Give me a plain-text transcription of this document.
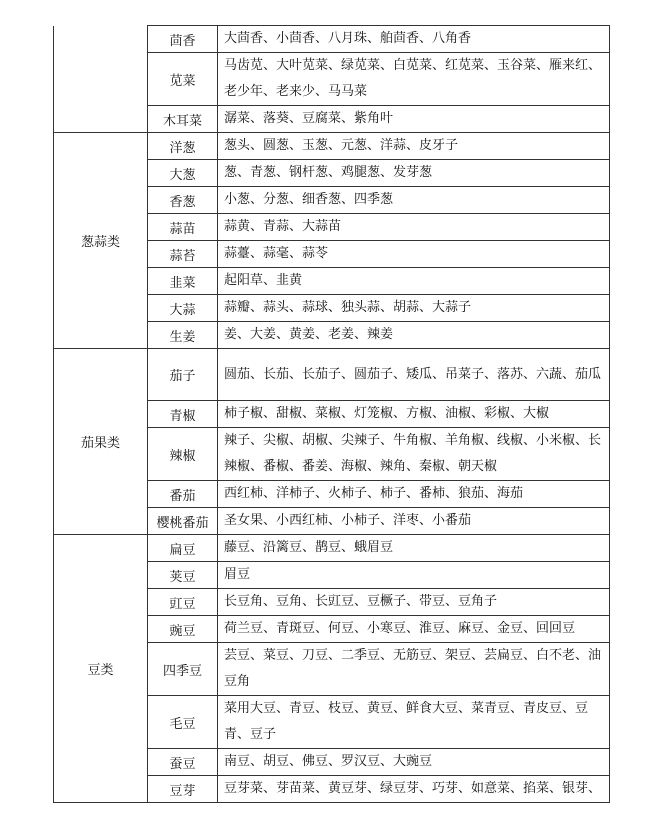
	茴香	大茴香、小茴香、八月珠、舶茴香、八角香
	苋菜	马齿苋、大叶苋菜、绿苋菜、白苋菜、红苋菜、玉谷菜、雁来红、老少年、老来少、马马菜
	木耳菜	潺菜、落葵、豆腐菜、紫角叶
葱蒜类	洋葱	葱头、圆葱、玉葱、元葱、洋蒜、皮牙子
	大葱	葱、青葱、钢杆葱、鸡腿葱、发芽葱
	香葱	小葱、分葱、细香葱、四季葱
	蒜苗	蒜黄、青蒜、大蒜苗
	蒜苔	蒜薹、蒜毫、蒜苓
	韭菜	起阳草、韭黄
	大蒜	蒜瓣、蒜头、蒜球、独头蒜、胡蒜、大蒜子
	生姜	姜、大姜、黄姜、老姜、辣姜
茄果类	茄子	圆茄、长茄、长茄子、圆茄子、矮瓜、吊菜子、落苏、六蔬、茄瓜
	青椒	柿子椒、甜椒、菜椒、灯笼椒、方椒、油椒、彩椒、大椒
	辣椒	辣子、尖椒、胡椒、尖辣子、牛角椒、羊角椒、线椒、小米椒、长辣椒、番椒、番姜、海椒、辣角、秦椒、朝天椒
	番茄	西红柿、洋柿子、火柿子、柿子、番柿、狼茄、海茄
	樱桃番茄	圣女果、小西红柿、小柿子、洋枣、小番茄
豆类	扁豆	藤豆、沿篱豆、鹊豆、蛾眉豆
	荚豆	眉豆
	豇豆	长豆角、豆角、长豇豆、豆橛子、带豆、豆角子
	豌豆	荷兰豆、青斑豆、何豆、小寒豆、淮豆、麻豆、金豆、回回豆
	四季豆	芸豆、菜豆、刀豆、二季豆、无筋豆、架豆、芸扁豆、白不老、油豆角
	毛豆	菜用大豆、青豆、枝豆、黄豆、鲜食大豆、菜青豆、青皮豆、豆青、豆子
	蚕豆	南豆、胡豆、佛豆、罗汉豆、大豌豆
	豆芽	豆芽菜、芽苗菜、黄豆芽、绿豆芽、巧芽、如意菜、掐菜、银芽、
